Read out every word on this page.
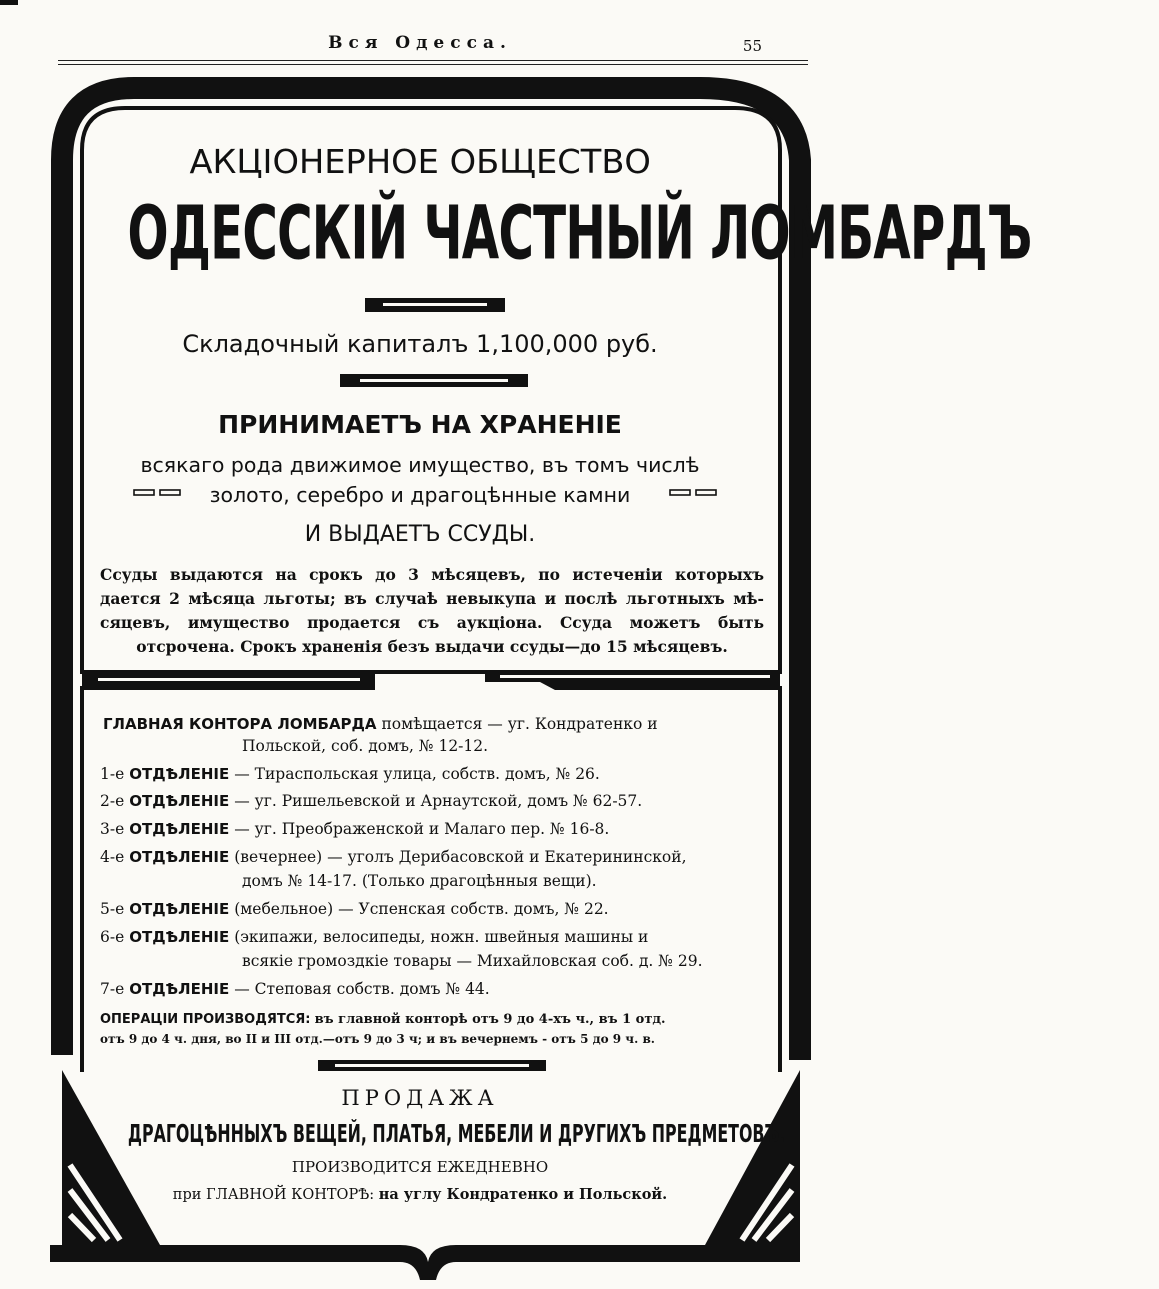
Вся Одесса.	55
АКЦIОНЕРНОЕ ОБЩЕСТВО
ОДЕССКIЙ ЧАСТНЫЙ ЛОМБАРДЪ
Складочный капиталъ 1,100,000 руб.
ПРИНИМАЕТЪ НА ХРАНЕНIЕ
всякаго рода движимое имущество, въ томъ числѣ
золото, серебро и драгоцѣнные камни
И ВЫДАЕТЪ ССУДЫ.
Ссуды выдаются на срокъ до 3 мѣсяцевъ, по истеченiи которыхъ
дается 2 мѣсяца льготы; въ случаѣ невыкупа и послѣ льготныхъ мѣ-
сяцевъ, имущество продается съ аукцiона. Ссуда можетъ быть
отсрочена. Срокъ храненiя безъ выдачи ссуды—до 15 мѣсяцевъ.
ГЛАВНАЯ КОНТОРА ЛОМБАРДА помѣщается — уг. Кондратенко и
Польской, соб. домъ, № 12-12.
1-е ОТДѢЛЕНIЕ — Тираспольская улица, собств. домъ, № 26.
2-е ОТДѢЛЕНIЕ — уг. Ришельевской и Арнаутской, домъ № 62-57.
3-е ОТДѢЛЕНIЕ — уг. Преображенской и Малаго пер. № 16-8.
4-е ОТДѢЛЕНIЕ (вечернее) — уголъ Дерибасовской и Екатерининской,
домъ № 14-17. (Только драгоцѣнныя вещи).
5-е ОТДѢЛЕНIЕ (мебельное) — Успенская собств. домъ, № 22.
6-е ОТДѢЛЕНIЕ (экипажи, велосипеды, ножн. швейныя машины и
всякiе громоздкiе товары — Михайловская соб. д. № 29.
7-е ОТДѢЛЕНIЕ — Степовая собств. домъ № 44.
ОПЕРАЦIИ ПРОИЗВОДЯТСЯ: въ главной конторѣ отъ 9 до 4-хъ ч., въ 1 отд.
отъ 9 до 4 ч. дня, во II и III отд.—отъ 9 до 3 ч; и въ вечернемъ - отъ 5 до 9 ч. в.
ПРОДАЖА
ДРАГОЦѢННЫХЪ ВЕЩЕЙ, ПЛАТЬЯ, МЕБЕЛИ И ДРУГИХЪ ПРЕДМЕТОВЪ.
ПРОИЗВОДИТСЯ ЕЖЕДНЕВНО
при ГЛАВНОЙ КОНТОРѢ: на углу Кондратенко и Польской.
